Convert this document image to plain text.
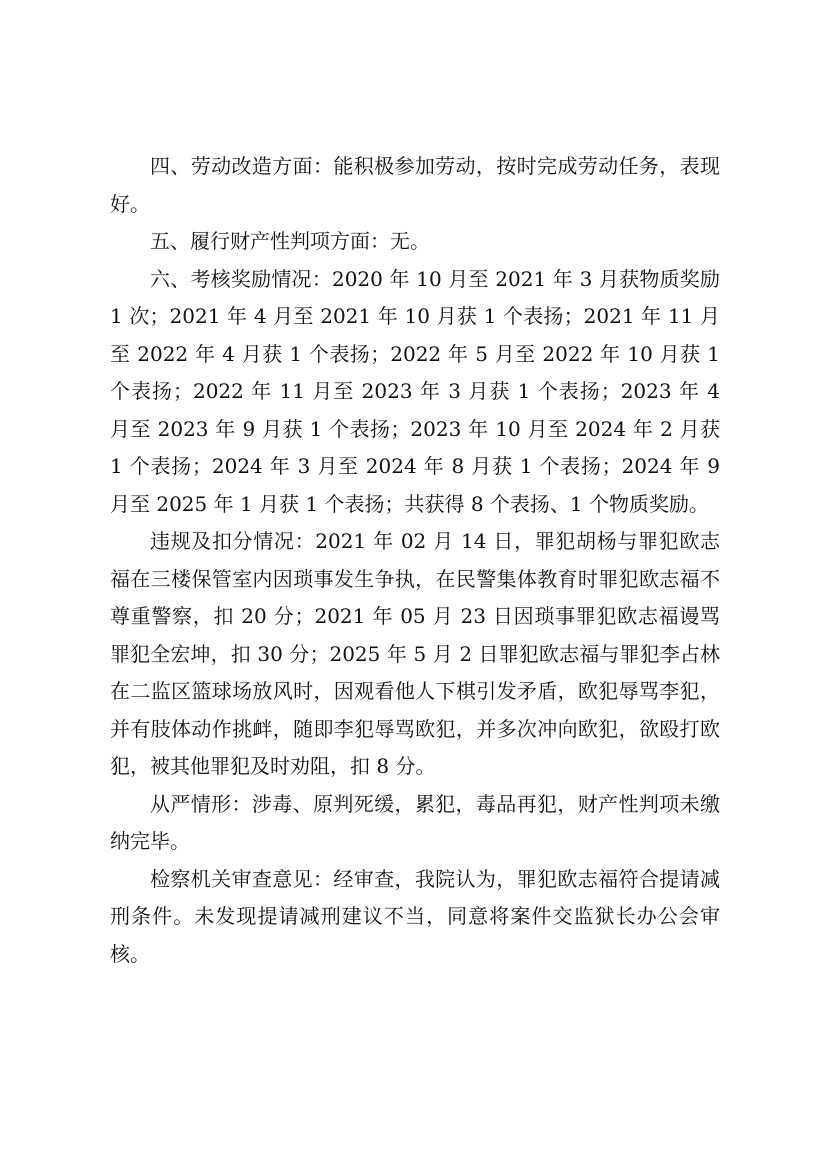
四、劳动改造方面：能积极参加劳动，按时完成劳动任务，表现好。

五、履行财产性判项方面：无。

六、考核奖励情况：2020 年 10 月至 2021 年 3 月获物质奖励 1 次；2021 年 4 月至 2021 年 10 月获 1 个表扬；2021 年 11 月至 2022 年 4 月获 1 个表扬；2022 年 5 月至 2022 年 10 月获 1 个表扬；2022 年 11 月至 2023 年 3 月获 1 个表扬；2023 年 4 月至 2023 年 9 月获 1 个表扬；2023 年 10 月至 2024 年 2 月获 1 个表扬；2024 年 3 月至 2024 年 8 月获 1 个表扬；2024 年 9 月至 2025 年 1 月获 1 个表扬；共获得 8 个表扬、1 个物质奖励。

违规及扣分情况：2021 年 02 月 14 日，罪犯胡杨与罪犯欧志福在三楼保管室内因琐事发生争执，在民警集体教育时罪犯欧志福不尊重警察，扣 20 分；2021 年 05 月 23 日因琐事罪犯欧志福谩骂罪犯全宏坤，扣 30 分；2025 年 5 月 2 日罪犯欧志福与罪犯李占林在二监区篮球场放风时，因观看他人下棋引发矛盾，欧犯辱骂李犯，并有肢体动作挑衅，随即李犯辱骂欧犯，并多次冲向欧犯，欲殴打欧犯，被其他罪犯及时劝阻，扣 8 分。

从严情形：涉毒、原判死缓，累犯，毒品再犯，财产性判项未缴纳完毕。

检察机关审查意见：经审查，我院认为，罪犯欧志福符合提请减刑条件。未发现提请减刑建议不当，同意将案件交监狱长办公会审核。
